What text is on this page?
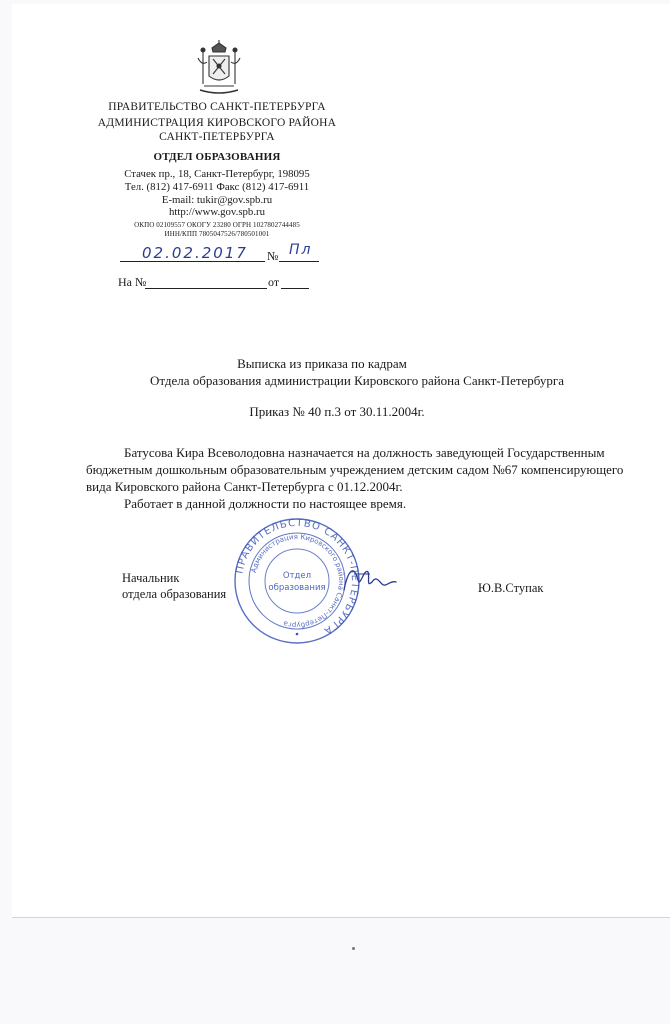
ПРАВИТЕЛЬСТВО САНКТ-ПЕТЕРБУРГА
АДМИНИСТРАЦИЯ КИРОВСКОГО РАЙОНА
САНКТ-ПЕТЕРБУРГА
ОТДЕЛ ОБРАЗОВАНИЯ
Стачек пр., 18, Санкт-Петербург, 198095
Тел. (812) 417-6911 Факс (812) 417-6911
E-mail: tukir@gov.spb.ru
http://www.gov.spb.ru
ОКПО 02109557 ОКОГУ 23280 ОГРН 1027802744485
ИНН/КПП 7805047526/780501001
02.02.2017 № Пл
На №	от
Выписка из приказа по кадрам
Отдела образования администрации Кировского района Санкт-Петербурга
Приказ № 40 п.3 от 30.11.2004г.
Батусова Кира Всеволодовна назначается на должность заведующей Государственным
бюджетным дошкольным образовательным учреждением детским садом №67 компенсирующего
вида Кировского района Санкт-Петербурга с 01.12.2004г.
Работает в данной должности по настоящее время.
Начальник
отдела образования	Ю.В.Ступак
ПРАВИТЕЛЬСТВО САНКТ-ПЕТЕРБУРГА
Администрация Кировского района Санкт-Петербурга
Отдел
образования
